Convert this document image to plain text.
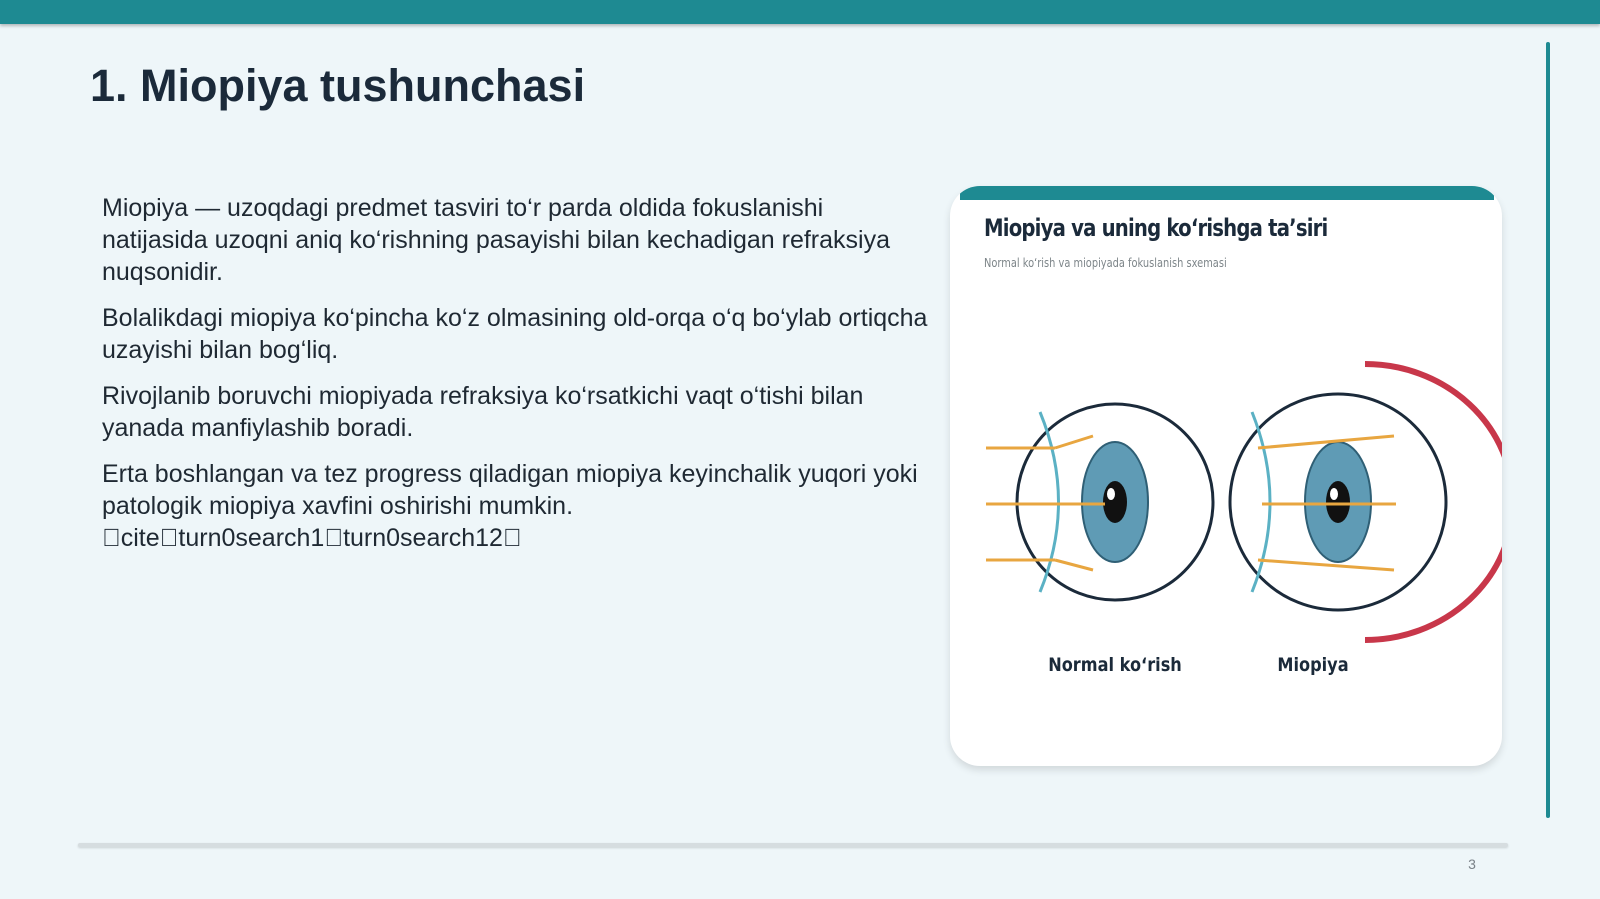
1. Miopiya tushunchasi

Miopiya — uzoqdagi predmet tasviri to‘r parda oldida fokuslanishi natijasida uzoqni aniq ko‘rishning pasayishi bilan kechadigan refraksiya nuqsonidir.

Bolalikdagi miopiya ko‘pincha ko‘z olmasining old-orqa o‘q bo‘ylab ortiqcha uzayishi bilan bog‘liq.

Rivojlanib boruvchi miopiyada refraksiya ko‘rsatkichi vaqt o‘tishi bilan yanada manfiylashib boradi.

Erta boshlangan va tez progress qiladigan miopiya keyinchalik yuqori yoki patologik miopiya xavfini oshirishi mumkin. cite turn0search1 turn0search12

Miopiya va uning ko‘rishga ta’siri
Normal ko‘rish va miopiyada fokuslanish sxemasi
Normal ko‘rish	Miopiya
3
